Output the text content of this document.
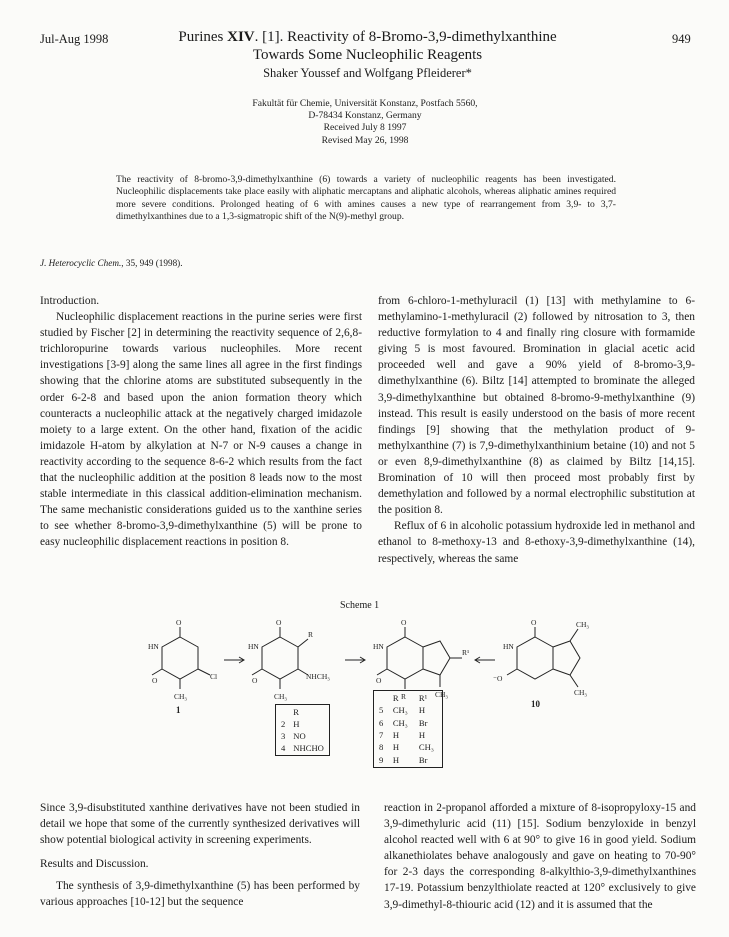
Jul-Aug 1998	949

Purines XIV. [1]. Reactivity of 8-Bromo-3,9-dimethylxanthine

Towards Some Nucleophilic Reagents

Shaker Youssef and Wolfgang Pfleiderer*
Fakultät für Chemie, Universität Konstanz, Postfach 5560,
D-78434 Konstanz, Germany
Received July 8 1997
Revised May 26, 1998
The reactivity of 8-bromo-3,9-dimethylxanthine (6) towards a variety of nucleophilic reagents has been investigated. Nucleophilic displacements take place easily with aliphatic mercaptans and aliphatic alcohols, whereas aliphatic amines required more severe conditions. Prolonged heating of 6 with amines causes a new type of rearrangement from 3,9- to 3,7-dimethylxanthines due to a 1,3-sigmatropic shift of the N(9)-methyl group.
J. Heterocyclic Chem., 35, 949 (1998).

Introduction.

Nucleophilic displacement reactions in the purine series were first studied by Fischer [2] in determining the reactivity sequence of 2,6,8-trichloropurine towards various nucleophiles. More recent investigations [3-9] along the same lines all agree in the first findings showing that the chlorine atoms are substituted subsequently in the order 6-2-8 and based upon the anion formation theory which counteracts a nucleophilic attack at the negatively charged imidazole moiety to a large extent. On the other hand, fixation of the acidic imidazole H-atom by alkylation at N-7 or N-9 causes a change in reactivity according to the sequence 8-6-2 which results from the fact that the nucleophilic addition at the position 8 leads now to the most stable intermediate in this classical addition-elimination mechanism. The same mechanistic considerations guided us to the xanthine series to see whether 8-bromo-3,9-dimethylxanthine (5) will be prone to easy nucleophilic displacement reactions in position 8.

from 6-chloro-1-methyluracil (1) [13] with methylamine to 6-methylamino-1-methyluracil (2) followed by nitrosation to 3, then reductive formylation to 4 and finally ring closure with formamide giving 5 is most favoured. Bromination in glacial acetic acid proceeded well and gave a 90% yield of 8-bromo-3,9-dimethylxanthine (6). Biltz [14] attempted to brominate the alleged 3,9-dimethylxanthine but obtained 8-bromo-9-methylxanthine (9) instead. This result is easily understood on the basis of more recent findings [9] showing that the methylation product of 9-methylxanthine (7) is 7,9-dimethylxanthinium betaine (10) and not 5 or even 8,9-dimethylxanthine (8) as claimed by Biltz [14,15]. Bromination of 10 will then proceed most probably first by demethylation and followed by a normal electrophilic substitution at the position 8.

Reflux of 6 in alcoholic potassium hydroxide led in methanol and ethanol to 8-methoxy-13 and 8-ethoxy-3,9-dimethylxanthine (14), respectively, whereas the same

Scheme 1
HN
O
O
Cl
CH₃
HN
O
O
R
NHCH₃
CH₃
HN
O
O
R¹
R	CH₃
HN
⁻O
O	CH₃
CH₃
1
10
	R
2	H
3	NO
4	NHCHO
	R	R¹
5	CH₃	H
6	CH₃	Br
7	H	H
8	H	CH₃
9	H	Br

Since 3,9-disubstituted xanthine derivatives have not been studied in detail we hope that some of the currently synthesized derivatives will show potential biological activity in screening experiments.

Results and Discussion.

The synthesis of 3,9-dimethylxanthine (5) has been performed by various approaches [10-12] but the sequence

reaction in 2-propanol afforded a mixture of 8-isopropyloxy-15 and 3,9-dimethyluric acid (11) [15]. Sodium benzyloxide in benzyl alcohol reacted well with 6 at 90° to give 16 in good yield. Sodium alkanethiolates behave analogously and gave on heating to 70-90° for 2-3 days the corresponding 8-alkylthio-3,9-dimethylxanthines 17-19. Potassium benzylthiolate reacted at 120° exclusively to give 3,9-dimethyl-8-thiouric acid (12) and it is assumed that the
